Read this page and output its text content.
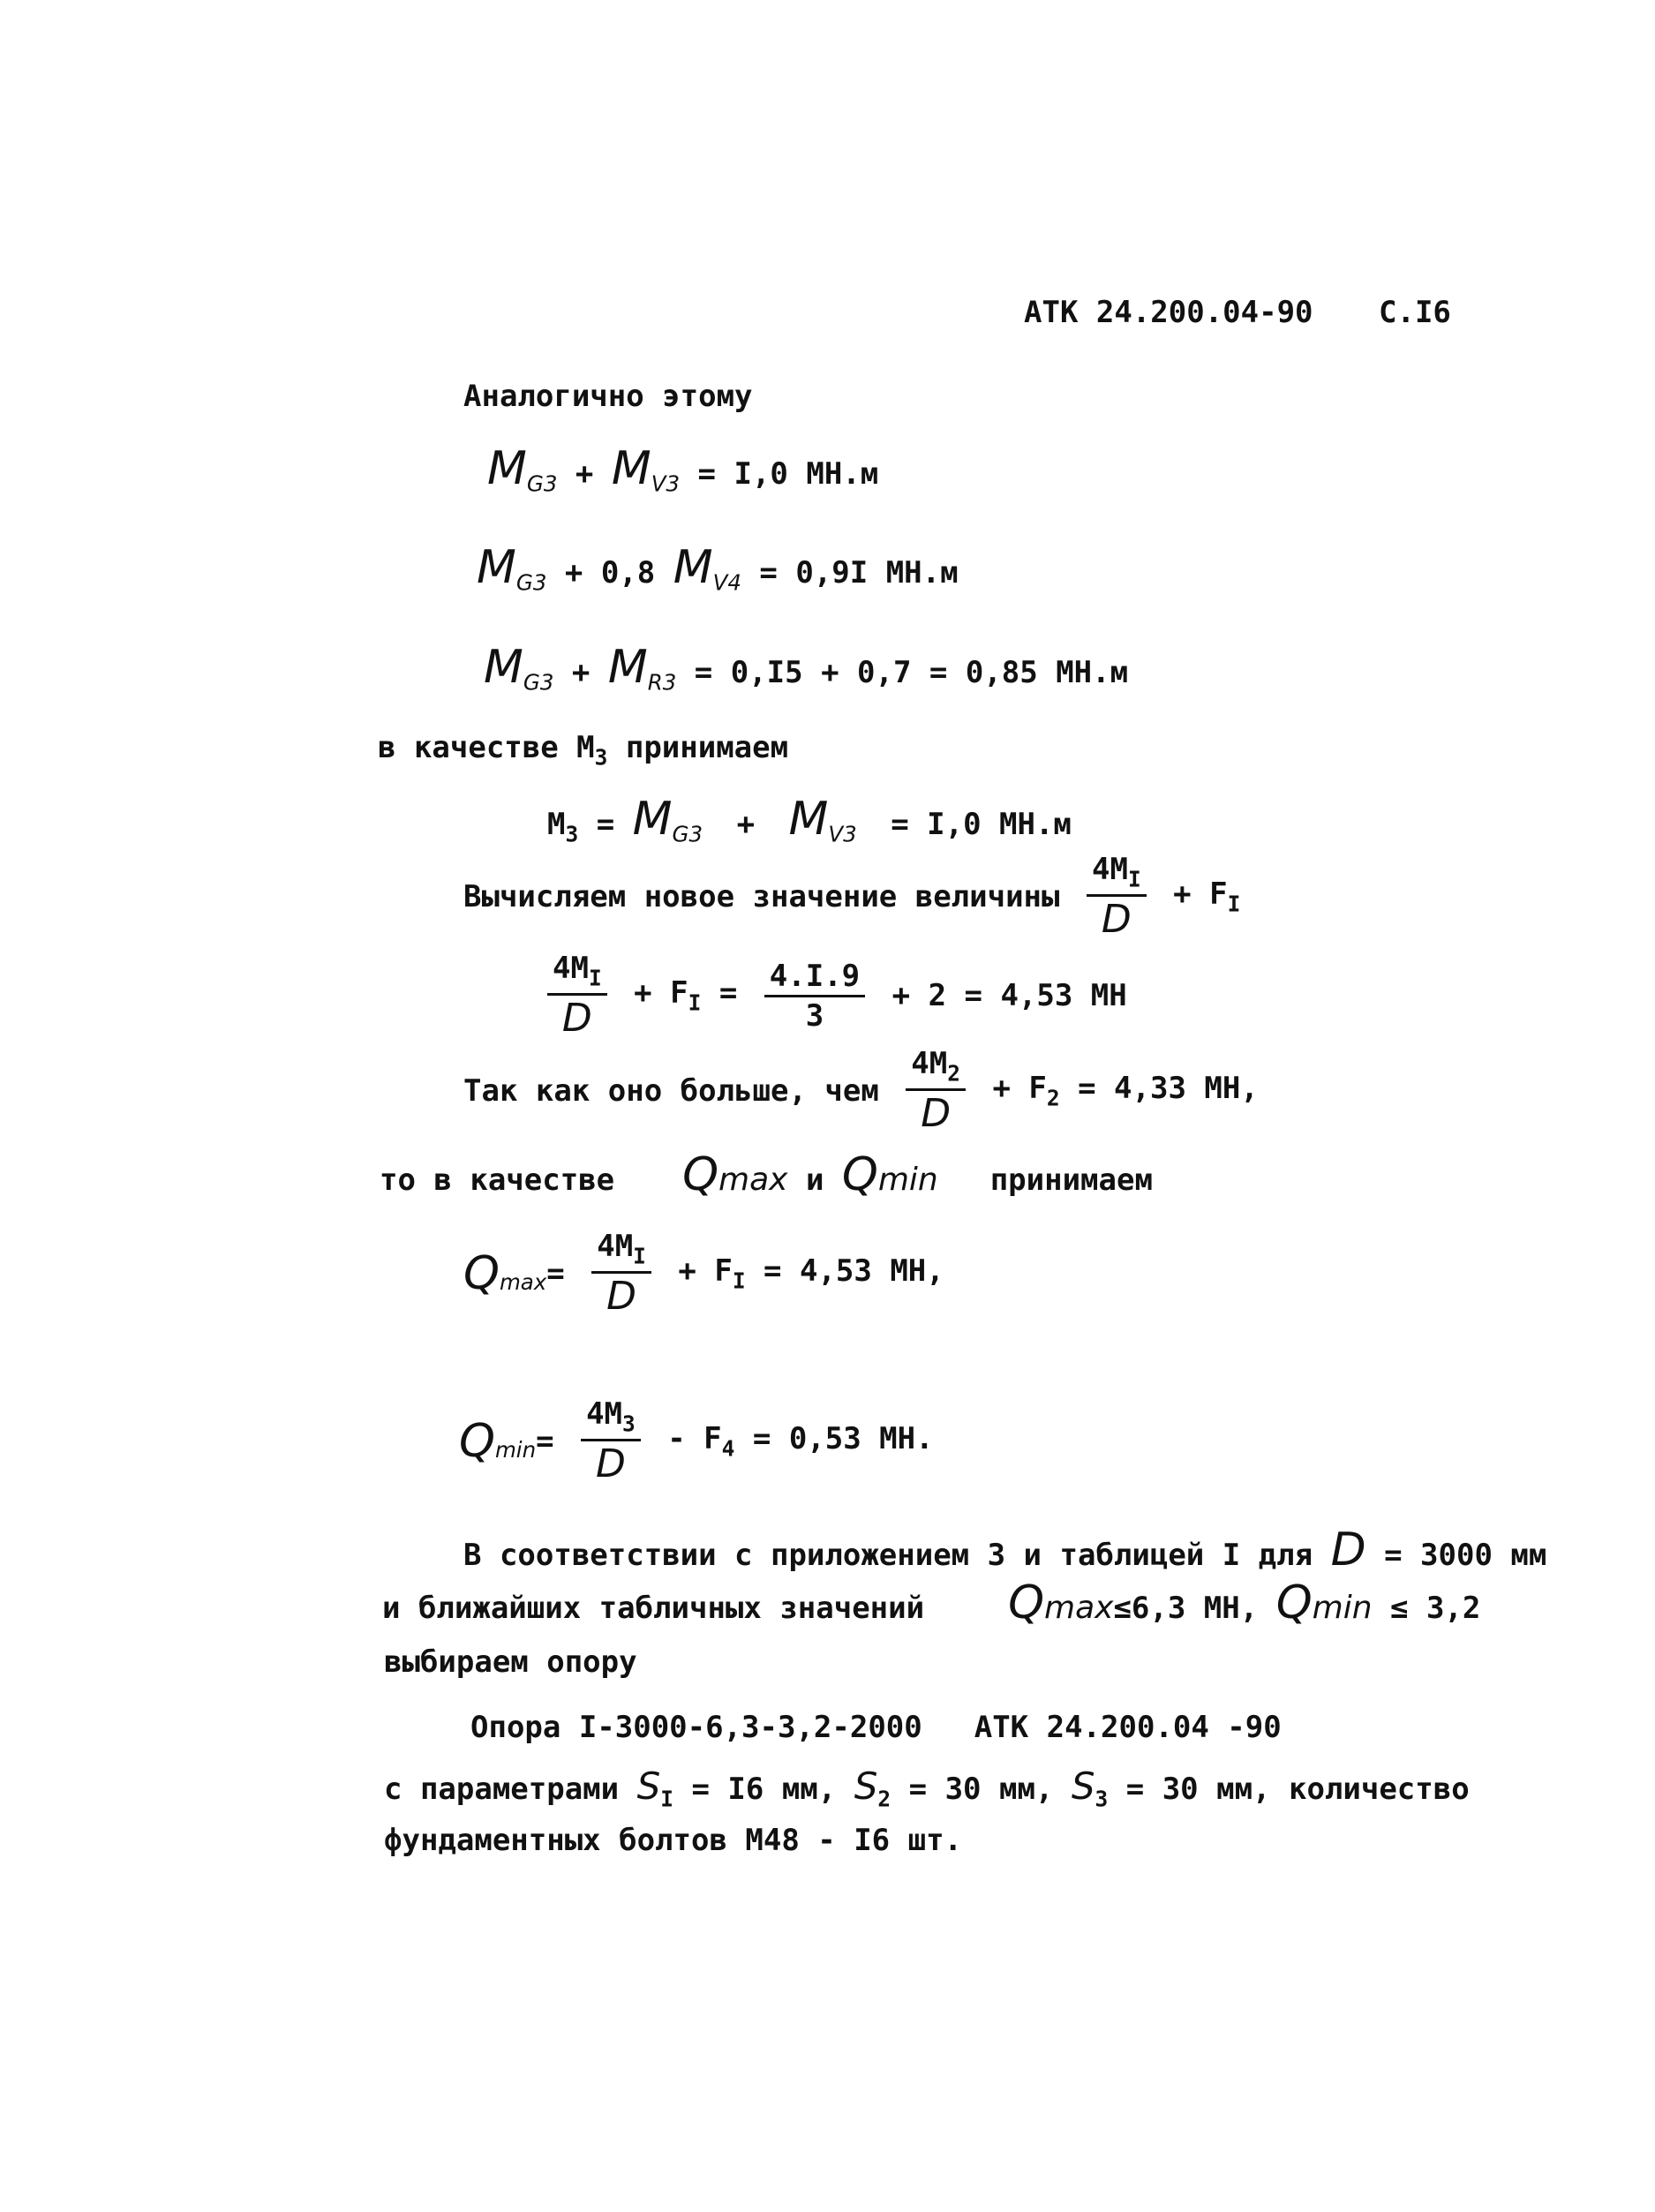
АТК 24.200.04-90 С.I6
Аналогично этому
$M_{G3} + M_{V3} = I,0$ МН.м
$M_{G3} + 0,8$ $M_{V4} = 0,9I$ МН.м
$M_{G3} + M_{R3} = 0,I5 + 0,7 = 0,85$ МН.м
в качестве $М_3$ принимаем
$М_3 = M_{G3} + M_{V3} = I,0$ МН.м
Вычисляем новое значение величины $\frac{4М_I}{D} + F_I$
$\frac{4М_I}{D} + F_I = \frac{4.I.9}{3} + 2 = 4,53$ МН
Так как оно больше, чем $\frac{4М_2}{D} + F_2 = 4,33$ МН,
то в качестве Qmax и Qmin принимаем
$Q_{max}= \frac{4М_I}{D} + F_I = 4,53$ МН,
$Q_{min}= \frac{4М_3}{D} - F_4 = 0,53$ МН.
В соответствии с приложением 3 и таблицей I для D = 3000 мм
и ближайших табличных значений Qmax≤6,3 МН, Qmin ≤ 3,2
выбираем опору
Опора I-3000-6,3-3,2-2000 АТК 24.200.04 -90
с параметрами $S_I = I6$ мм, $S_2 = 30$ мм, $S_3 = 30$ мм, количество
фундаментных болтов М48 - I6 шт.
